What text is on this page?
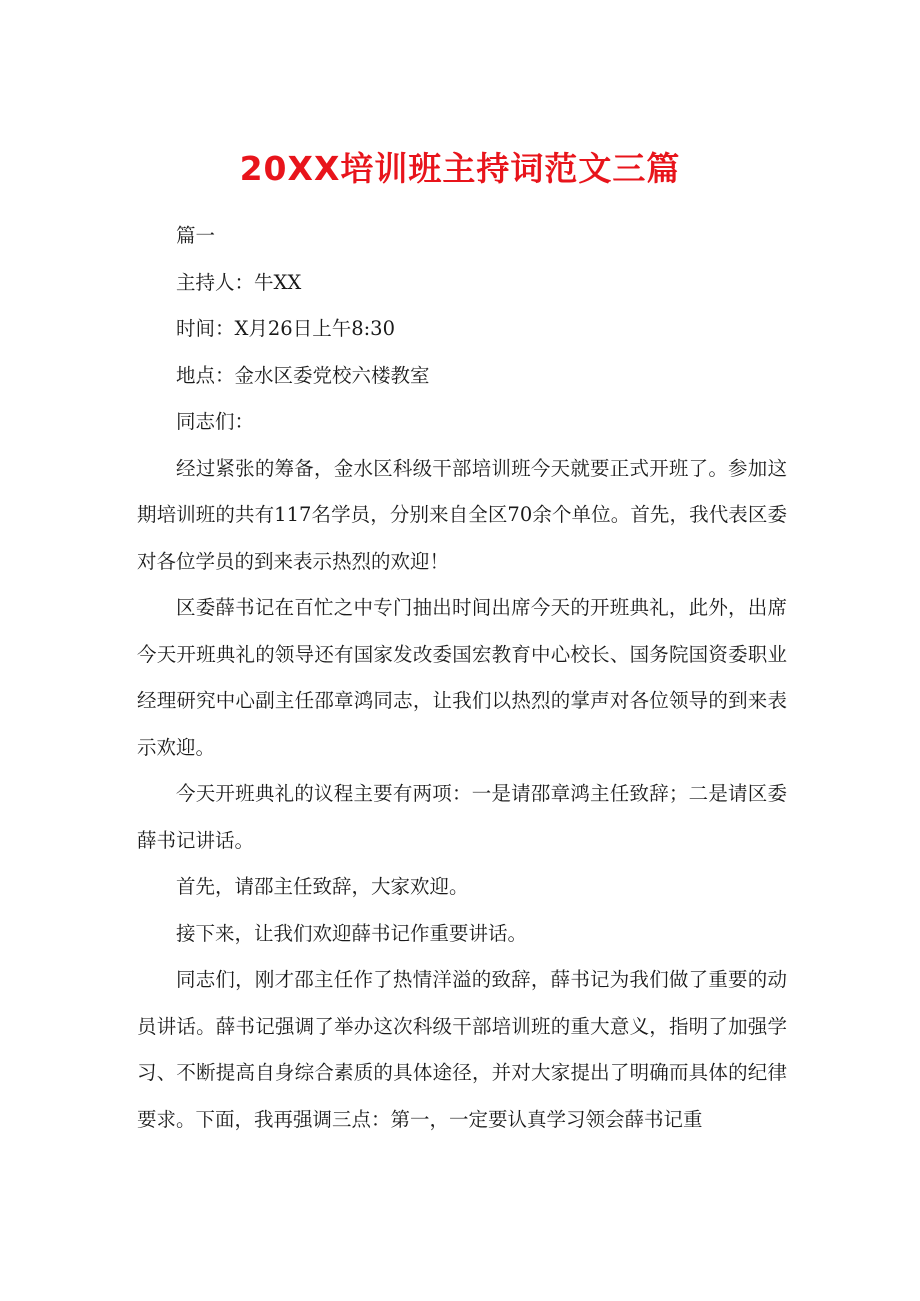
20XX培训班主持词范文三篇

篇一

主持人：牛XX

时间：X月26日上午8:30

地点：金水区委党校六楼教室

同志们：

经过紧张的筹备，金水区科级干部培训班今天就要正式开班了。参加这期培训班的共有117名学员，分别来自全区70余个单位。首先，我代表区委对各位学员的到来表示热烈的欢迎！

区委薛书记在百忙之中专门抽出时间出席今天的开班典礼，此外，出席今天开班典礼的领导还有国家发改委国宏教育中心校长、国务院国资委职业经理研究中心副主任邵章鸿同志，让我们以热烈的掌声对各位领导的到来表示欢迎。

今天开班典礼的议程主要有两项：一是请邵章鸿主任致辞；二是请区委薛书记讲话。

首先，请邵主任致辞，大家欢迎。

接下来，让我们欢迎薛书记作重要讲话。

同志们，刚才邵主任作了热情洋溢的致辞，薛书记为我们做了重要的动员讲话。薛书记强调了举办这次科级干部培训班的重大意义，指明了加强学习、不断提高自身综合素质的具体途径，并对大家提出了明确而具体的纪律要求。下面，我再强调三点：第一，一定要认真学习领会薛书记重
